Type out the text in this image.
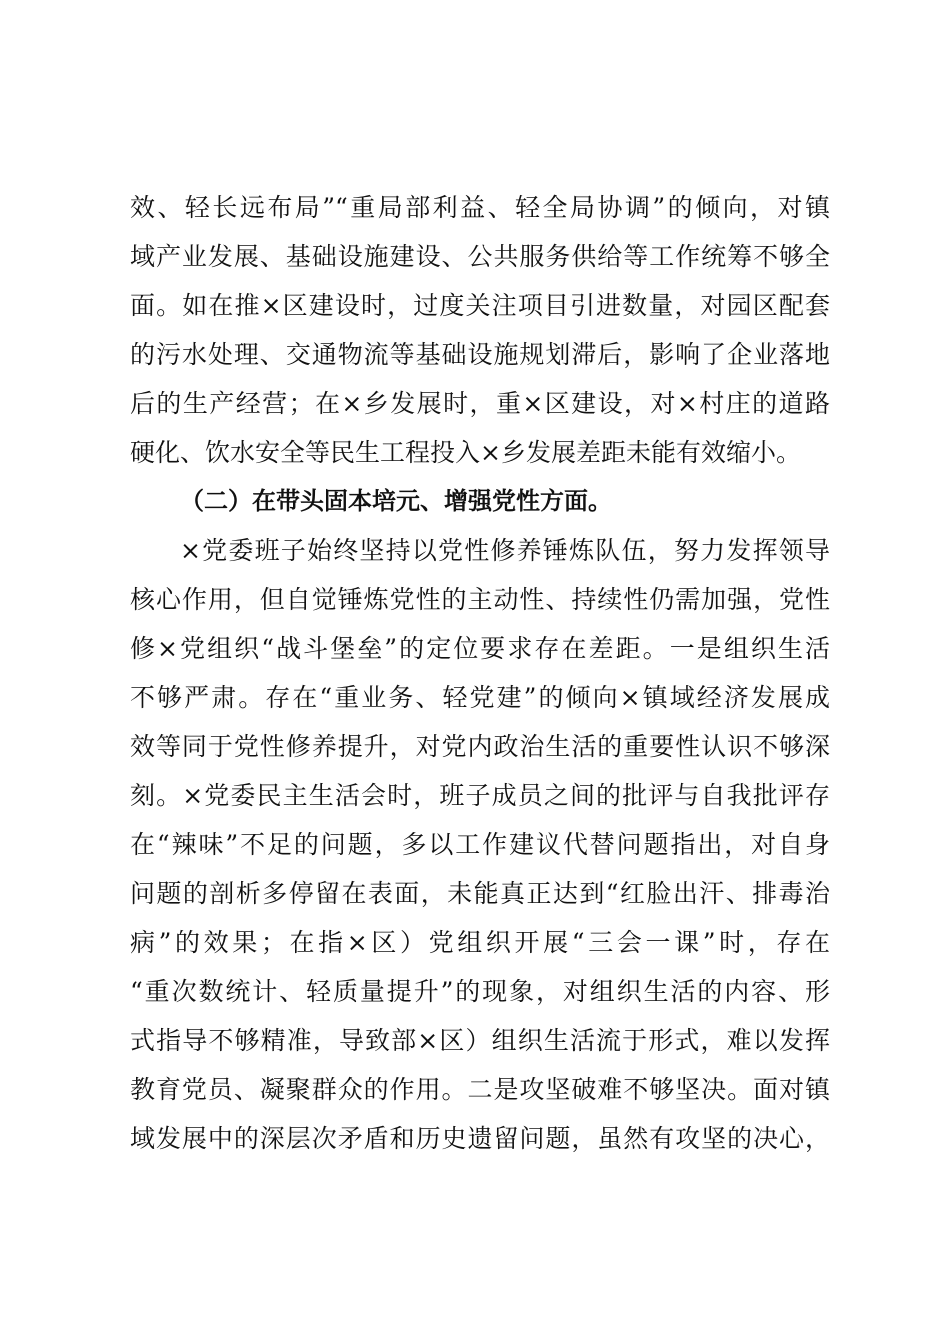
效、轻长远布局”“重局部利益、轻全局协调”的倾向，对镇
域产业发展、基础设施建设、公共服务供给等工作统筹不够全
面。如在推×区建设时，过度关注项目引进数量，对园区配套
的污水处理、交通物流等基础设施规划滞后，影响了企业落地
后的生产经营；在×乡发展时，重×区建设，对×村庄的道路
硬化、饮水安全等民生工程投入×乡发展差距未能有效缩小。
（二）在带头固本培元、增强党性方面。
×党委班子始终坚持以党性修养锤炼队伍，努力发挥领导
核心作用，但自觉锤炼党性的主动性、持续性仍需加强，党性
修×党组织“战斗堡垒”的定位要求存在差距。一是组织生活
不够严肃。存在“重业务、轻党建”的倾向×镇域经济发展成
效等同于党性修养提升，对党内政治生活的重要性认识不够深
刻。×党委民主生活会时，班子成员之间的批评与自我批评存
在“辣味”不足的问题，多以工作建议代替问题指出，对自身
问题的剖析多停留在表面，未能真正达到“红脸出汗、排毒治
病”的效果；在指×区）党组织开展“三会一课”时，存在
“重次数统计、轻质量提升”的现象，对组织生活的内容、形
式指导不够精准，导致部×区）组织生活流于形式，难以发挥
教育党员、凝聚群众的作用。二是攻坚破难不够坚决。面对镇
域发展中的深层次矛盾和历史遗留问题，虽然有攻坚的决心，
